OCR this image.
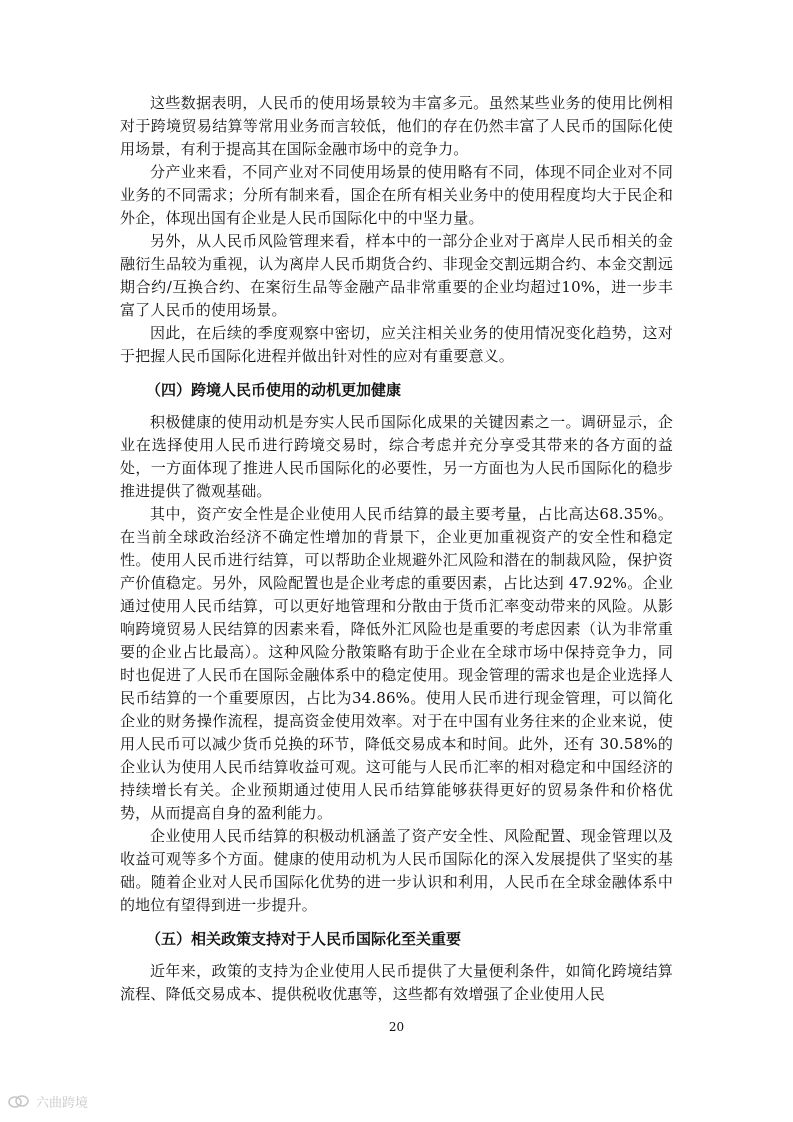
这些数据表明，人民币的使用场景较为丰富多元。虽然某些业务的使用比例相对于跨境贸易结算等常用业务而言较低，他们的存在仍然丰富了人民币的国际化使用场景，有利于提高其在国际金融市场中的竞争力。

分产业来看，不同产业对不同使用场景的使用略有不同，体现不同企业对不同业务的不同需求；分所有制来看，国企在所有相关业务中的使用程度均大于民企和外企，体现出国有企业是人民币国际化中的中坚力量。

另外，从人民币风险管理来看，样本中的一部分企业对于离岸人民币相关的金融衍生品较为重视，认为离岸人民币期货合约、非现金交割远期合约、本金交割远期合约/互换合约、在案衍生品等金融产品非常重要的企业均超过10%，进一步丰富了人民币的使用场景。

因此，在后续的季度观察中密切，应关注相关业务的使用情况变化趋势，这对于把握人民币国际化进程并做出针对性的应对有重要意义。

（四）跨境人民币使用的动机更加健康

积极健康的使用动机是夯实人民币国际化成果的关键因素之一。调研显示，企业在选择使用人民币进行跨境交易时，综合考虑并充分享受其带来的各方面的益处，一方面体现了推进人民币国际化的必要性，另一方面也为人民币国际化的稳步推进提供了微观基础。

其中，资产安全性是企业使用人民币结算的最主要考量，占比高达68.35%。在当前全球政治经济不确定性增加的背景下，企业更加重视资产的安全性和稳定性。使用人民币进行结算，可以帮助企业规避外汇风险和潜在的制裁风险，保护资产价值稳定。另外，风险配置也是企业考虑的重要因素，占比达到 47.92%。企业通过使用人民币结算，可以更好地管理和分散由于货币汇率变动带来的风险。从影响跨境贸易人民结算的因素来看，降低外汇风险也是重要的考虑因素（认为非常重要的企业占比最高）。这种风险分散策略有助于企业在全球市场中保持竞争力，同时也促进了人民币在国际金融体系中的稳定使用。现金管理的需求也是企业选择人民币结算的一个重要原因，占比为34.86%。使用人民币进行现金管理，可以简化企业的财务操作流程，提高资金使用效率。对于在中国有业务往来的企业来说，使用人民币可以减少货币兑换的环节，降低交易成本和时间。此外，还有 30.58%的企业认为使用人民币结算收益可观。这可能与人民币汇率的相对稳定和中国经济的持续增长有关。企业预期通过使用人民币结算能够获得更好的贸易条件和价格优势，从而提高自身的盈利能力。

企业使用人民币结算的积极动机涵盖了资产安全性、风险配置、现金管理以及收益可观等多个方面。健康的使用动机为人民币国际化的深入发展提供了坚实的基础。随着企业对人民币国际化优势的进一步认识和利用，人民币在全球金融体系中的地位有望得到进一步提升。

（五）相关政策支持对于人民币国际化至关重要

近年来，政策的支持为企业使用人民币提供了大量便利条件，如简化跨境结算流程、降低交易成本、提供税收优惠等，这些都有效增强了企业使用人民

20
六曲跨境
